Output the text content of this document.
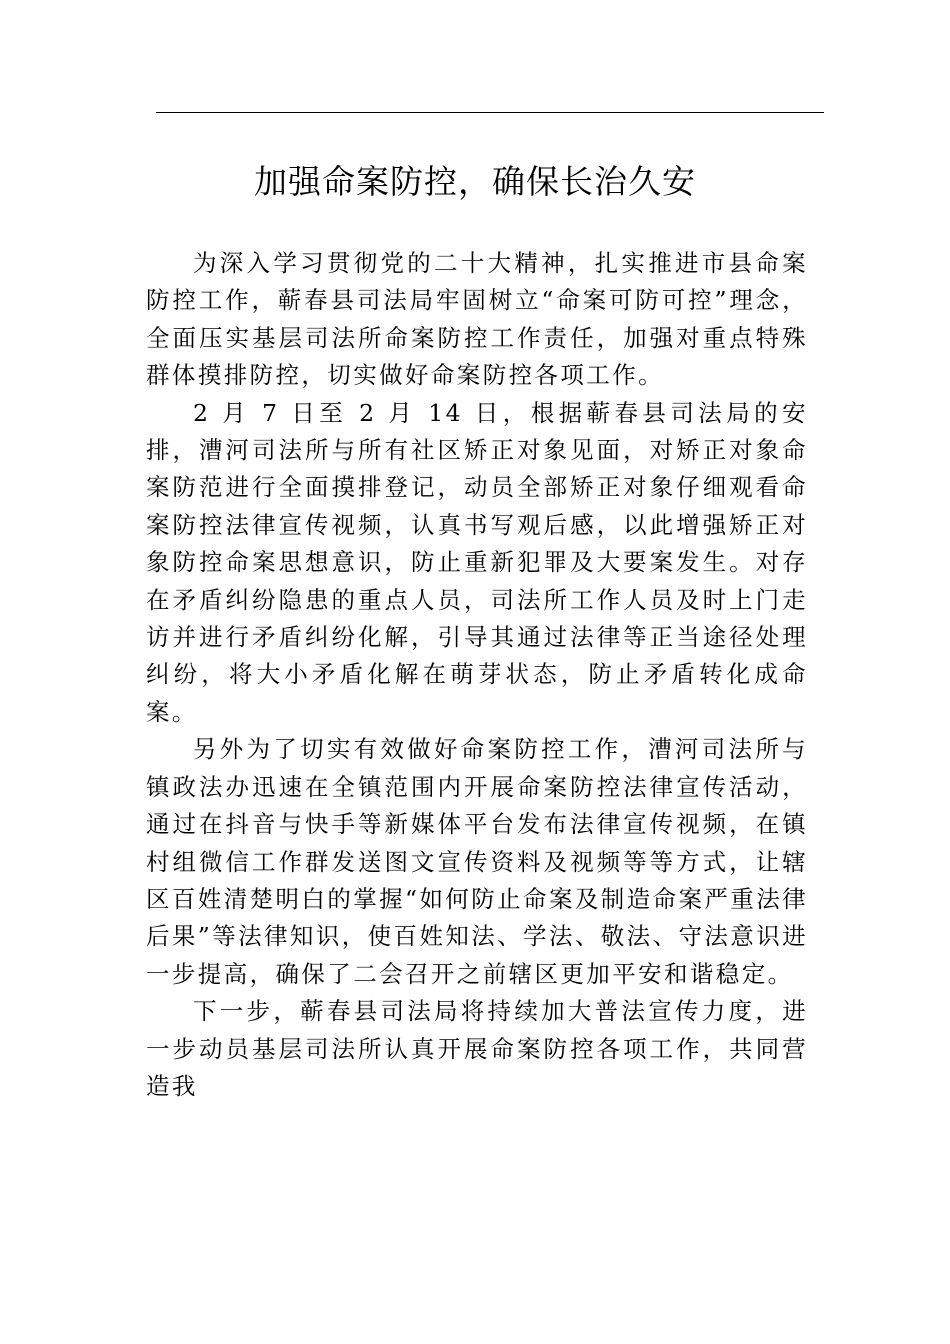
加强命案防控，确保长治久安

为深入学习贯彻党的二十大精神，扎实推进市县命案防控工作，蕲春县司法局牢固树立“命案可防可控”理念，全面压实基层司法所命案防控工作责任，加强对重点特殊群体摸排防控，切实做好命案防控各项工作。

2 月 7 日至 2 月 14 日，根据蕲春县司法局的安排，漕河司法所与所有社区矫正对象见面，对矫正对象命案防范进行全面摸排登记，动员全部矫正对象仔细观看命案防控法律宣传视频，认真书写观后感，以此增强矫正对象防控命案思想意识，防止重新犯罪及大要案发生。对存在矛盾纠纷隐患的重点人员，司法所工作人员及时上门走访并进行矛盾纠纷化解，引导其通过法律等正当途径处理纠纷，将大小矛盾化解在萌芽状态，防止矛盾转化成命案。

另外为了切实有效做好命案防控工作，漕河司法所与镇政法办迅速在全镇范围内开展命案防控法律宣传活动，通过在抖音与快手等新媒体平台发布法律宣传视频，在镇村组微信工作群发送图文宣传资料及视频等等方式，让辖区百姓清楚明白的掌握“如何防止命案及制造命案严重法律后果”等法律知识，使百姓知法、学法、敬法、守法意识进一步提高，确保了二会召开之前辖区更加平安和谐稳定。

下一步，蕲春县司法局将持续加大普法宣传力度，进一步动员基层司法所认真开展命案防控各项工作，共同营造我
